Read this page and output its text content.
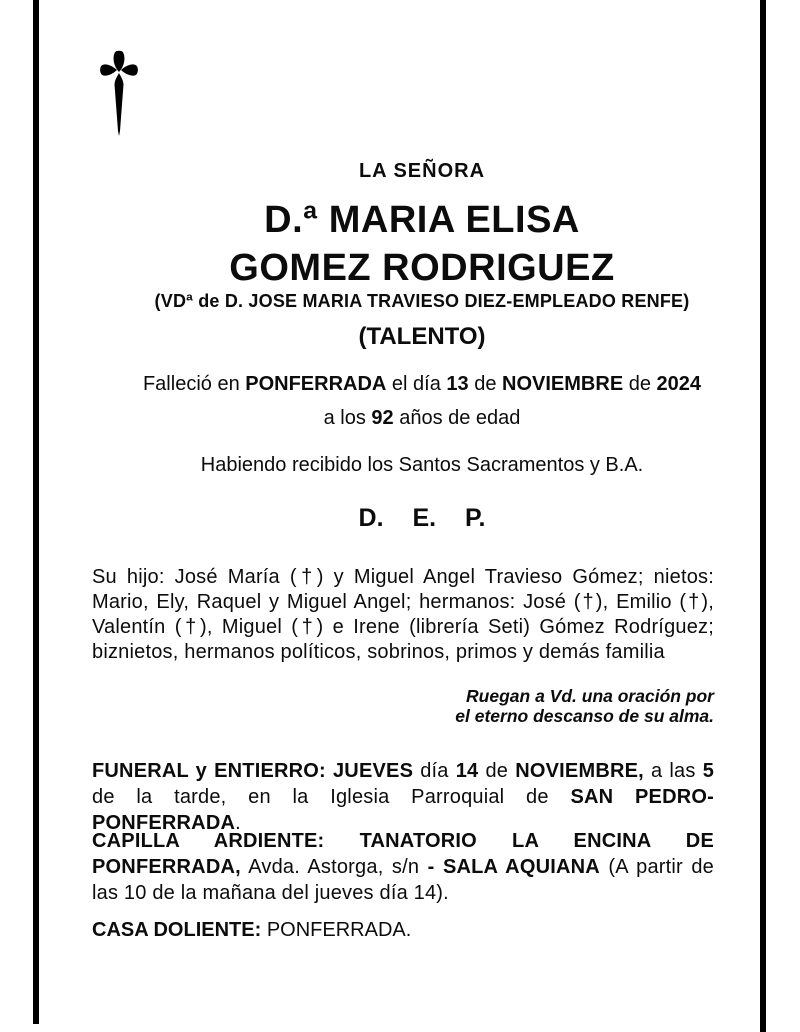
LA SEÑORA
D.ª MARIA ELISA
GOMEZ RODRIGUEZ
(VDª de D. JOSE MARIA TRAVIESO DIEZ-EMPLEADO RENFE)
(TALENTO)
Falleció en PONFERRADA el día 13 de NOVIEMBRE de 2024
a los 92 años de edad
Habiendo recibido los Santos Sacramentos y B.A.
D. E. P.
Su hijo: José María (†) y Miguel Angel Travieso Gómez; nietos: Mario, Ely, Raquel y Miguel Angel; hermanos: José (†), Emilio (†), Valentín (†), Miguel (†) e Irene (librería Seti) Gómez Rodríguez; biznietos, hermanos políticos, sobrinos, primos y demás familia
Ruegan a Vd. una oración por
el eterno descanso de su alma.
FUNERAL y ENTIERRO: JUEVES día 14 de NOVIEMBRE, a las 5 de la tarde, en la Iglesia Parroquial de SAN PEDRO-PONFERRADA.
CAPILLA ARDIENTE: TANATORIO LA ENCINA DE PONFERRADA, Avda. Astorga, s/n - SALA AQUIANA (A partir de las 10 de la mañana del jueves día 14).
CASA DOLIENTE: PONFERRADA.
